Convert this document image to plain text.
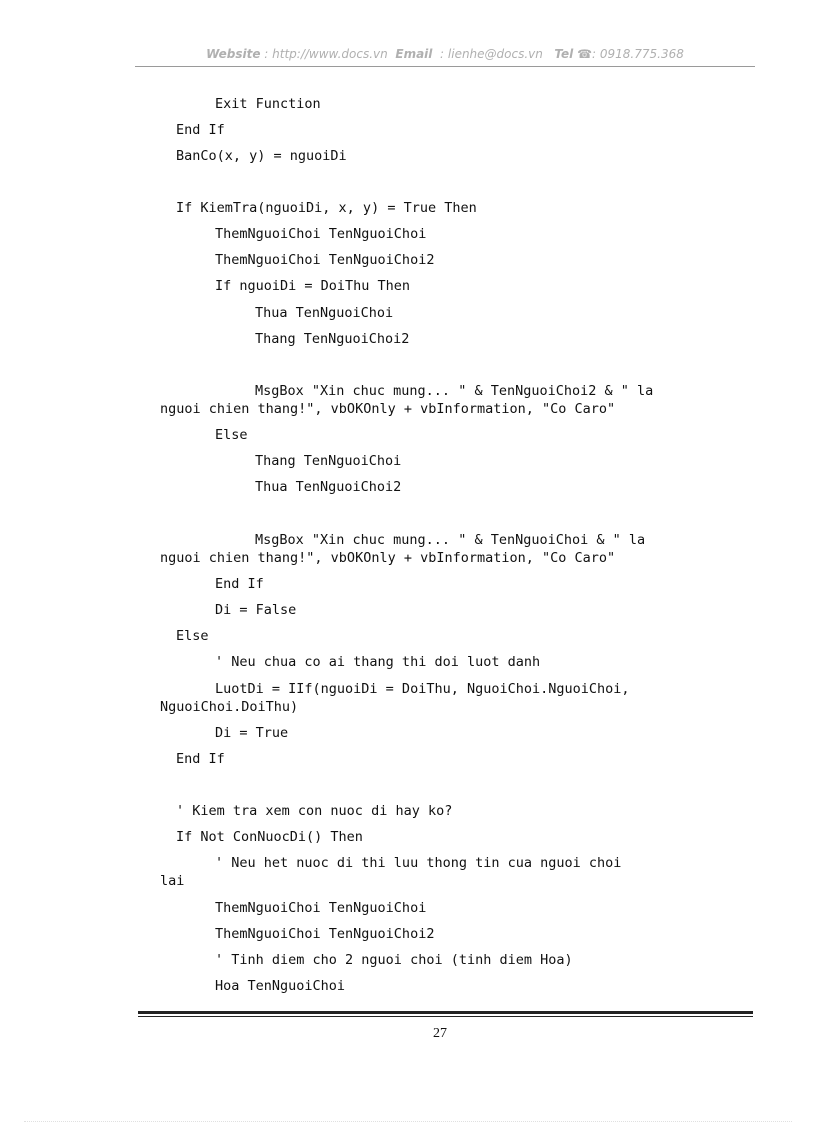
Website : http://www.docs.vn Email : lienhe@docs.vn Tel ☎: 0918.775.368
Exit Function
End If
BanCo(x, y) = nguoiDi
If KiemTra(nguoiDi, x, y) = True Then
ThemNguoiChoi TenNguoiChoi
ThemNguoiChoi TenNguoiChoi2
If nguoiDi = DoiThu Then
Thua TenNguoiChoi
Thang TenNguoiChoi2
MsgBox "Xin chuc mung... " & TenNguoiChoi2 & " la
nguoi chien thang!", vbOKOnly + vbInformation, "Co Caro"
Else
Thang TenNguoiChoi
Thua TenNguoiChoi2
MsgBox "Xin chuc mung... " & TenNguoiChoi & " la
nguoi chien thang!", vbOKOnly + vbInformation, "Co Caro"
End If
Di = False
Else
' Neu chua co ai thang thi doi luot danh
LuotDi = IIf(nguoiDi = DoiThu, NguoiChoi.NguoiChoi,
NguoiChoi.DoiThu)
Di = True
End If
' Kiem tra xem con nuoc di hay ko?
If Not ConNuocDi() Then
' Neu het nuoc di thi luu thong tin cua nguoi choi
lai
ThemNguoiChoi TenNguoiChoi
ThemNguoiChoi TenNguoiChoi2
' Tinh diem cho 2 nguoi choi (tinh diem Hoa)
Hoa TenNguoiChoi
27
